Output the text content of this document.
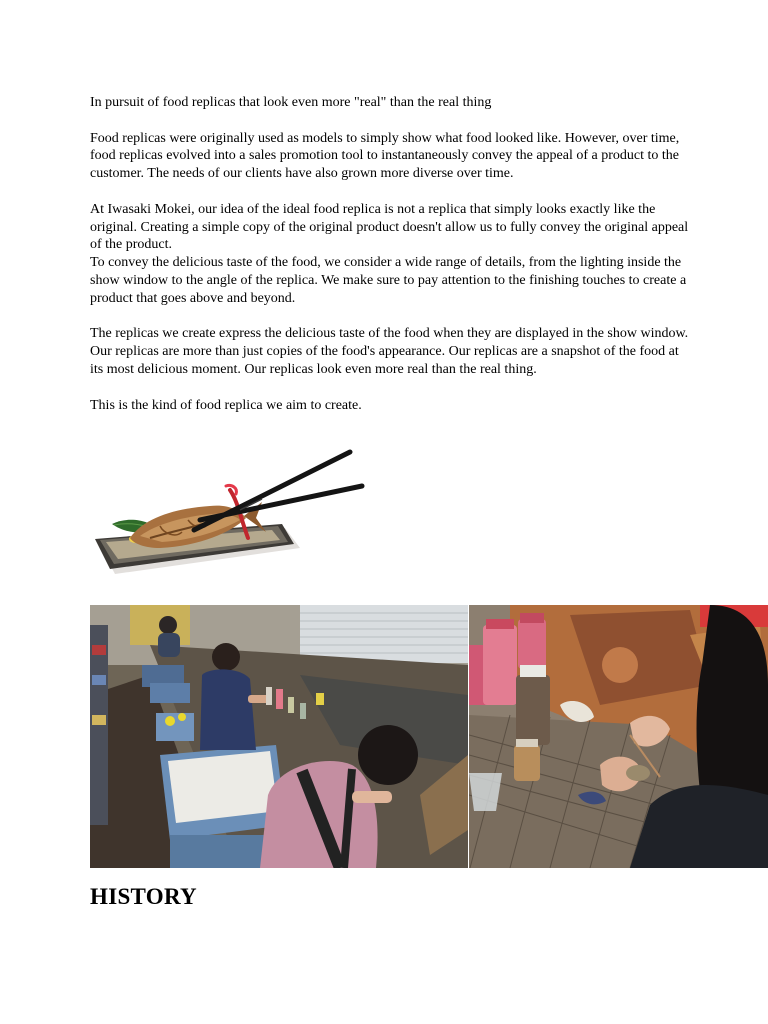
In pursuit of food replicas that look even more "real" than the real thing

Food replicas were originally used as models to simply show what food looked like. However, over time, food replicas evolved into a sales promotion tool to instantaneously convey the appeal of a product to the customer. The needs of our clients have also grown more diverse over time.

At Iwasaki Mokei, our idea of the ideal food replica is not a replica that simply looks exactly like the original. Creating a simple copy of the original product doesn't allow us to fully convey the original appeal of the product.

To convey the delicious taste of the food, we consider a wide range of details, from the lighting inside the show window to the angle of the replica. We make sure to pay attention to the finishing touches to create a product that goes above and beyond.

The replicas we create express the delicious taste of the food when they are displayed in the show window. Our replicas are more than just copies of the food's appearance. Our replicas are a snapshot of the food at its most delicious moment. Our replicas look even more real than the real thing.

This is the kind of food replica we aim to create.

HISTORY
